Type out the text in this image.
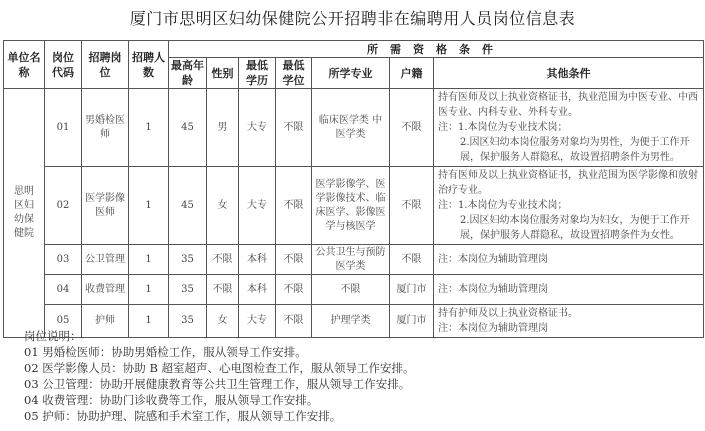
厦门市思明区妇幼保健院公开招聘非在编聘用人员岗位信息表
单位名称	岗位代码	招聘岗位	招聘人数	所需资格条件						
				最高年龄	性别	最低学历	最低学位	所学专业	户籍	其他条件
思明区妇幼保健院	01	男婚检医师	1	45	男	大专	不限	临床医学类 中医学类	不限	持有医师及以上执业资格证书，执业范围为中医专业、中西医专业、内科专业、外科专业。
注：1.本岗位为专业技术岗；
2.因区妇幼本岗位服务对象均为男性，为便于工作开展，保护服务人群隐私，故设置招聘条件为男性。

	02	医学影像医师	1	45	女	大专	不限	医学影像学、医学影像技术、临床医学、影像医学与核医学	不限	持有医师及以上执业资格证书，执业范围为医学影像和放射治疗专业。
注：1.本岗位为专业技术岗；
2.因区妇幼本岗位服务对象均为妇女，为便于工作开展，保护服务人群隐私，故设置招聘条件为女性。

	03	公卫管理	1	35	不限	本科	不限	公共卫生与预防医学类	不限	注：本岗位为辅助管理岗

	04	收费管理	1	35	不限	本科	不限	不限	厦门市	注：本岗位为辅助管理岗

	05	护师	1	35	女	大专	不限	护理学类	厦门市	持有护师及以上执业资格证书。
注：本岗位为辅助管理岗
岗位说明：
01 男婚检医师：协助男婚检工作，服从领导工作安排。
02 医学影像人员：协助 B 超室超声、心电图检查工作，服从领导工作安排。
03 公卫管理：协助开展健康教育等公共卫生管理工作，服从领导工作安排。
04 收费管理：协助门诊收费等工作，服从领导工作安排。
05 护师：协助护理、院感和手术室工作，服从领导工作安排。
